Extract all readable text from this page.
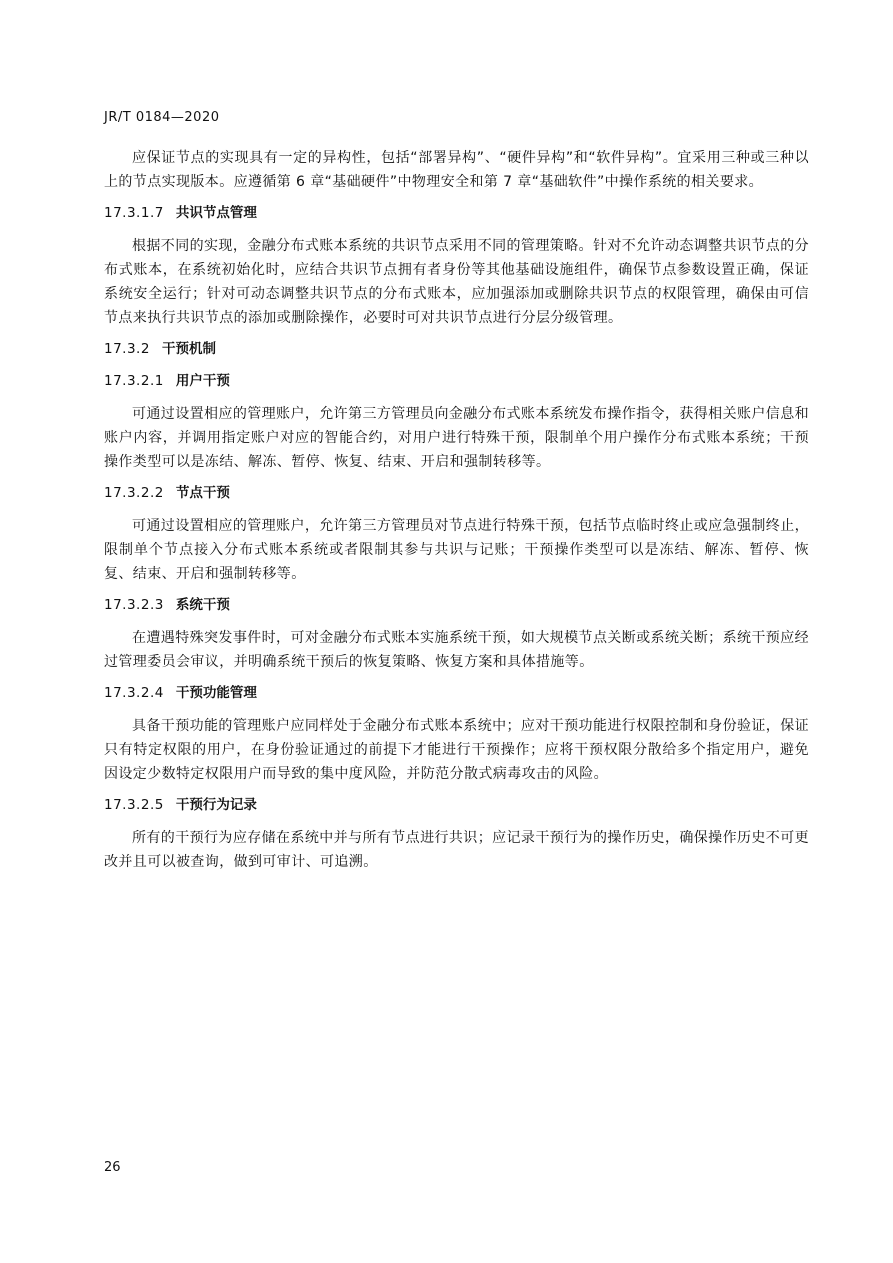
JR/T 0184—2020

应保证节点的实现具有一定的异构性，包括“部署异构”、“硬件异构”和“软件异构”。宜采用三种或三种以上的节点实现版本。应遵循第 6 章“基础硬件”中物理安全和第 7 章“基础软件”中操作系统的相关要求。

17.3.1.7 共识节点管理

根据不同的实现，金融分布式账本系统的共识节点采用不同的管理策略。针对不允许动态调整共识节点的分布式账本，在系统初始化时，应结合共识节点拥有者身份等其他基础设施组件，确保节点参数设置正确，保证系统安全运行；针对可动态调整共识节点的分布式账本，应加强添加或删除共识节点的权限管理，确保由可信节点来执行共识节点的添加或删除操作，必要时可对共识节点进行分层分级管理。

17.3.2 干预机制
17.3.2.1 用户干预

可通过设置相应的管理账户，允许第三方管理员向金融分布式账本系统发布操作指令，获得相关账户信息和账户内容，并调用指定账户对应的智能合约，对用户进行特殊干预，限制单个用户操作分布式账本系统；干预操作类型可以是冻结、解冻、暂停、恢复、结束、开启和强制转移等。

17.3.2.2 节点干预

可通过设置相应的管理账户，允许第三方管理员对节点进行特殊干预，包括节点临时终止或应急强制终止，限制单个节点接入分布式账本系统或者限制其参与共识与记账；干预操作类型可以是冻结、解冻、暂停、恢复、结束、开启和强制转移等。

17.3.2.3 系统干预

在遭遇特殊突发事件时，可对金融分布式账本实施系统干预，如大规模节点关断或系统关断；系统干预应经过管理委员会审议，并明确系统干预后的恢复策略、恢复方案和具体措施等。

17.3.2.4 干预功能管理

具备干预功能的管理账户应同样处于金融分布式账本系统中；应对干预功能进行权限控制和身份验证，保证只有特定权限的用户，在身份验证通过的前提下才能进行干预操作；应将干预权限分散给多个指定用户，避免因设定少数特定权限用户而导致的集中度风险，并防范分散式病毒攻击的风险。

17.3.2.5 干预行为记录

所有的干预行为应存储在系统中并与所有节点进行共识；应记录干预行为的操作历史，确保操作历史不可更改并且可以被查询，做到可审计、可追溯。

26
